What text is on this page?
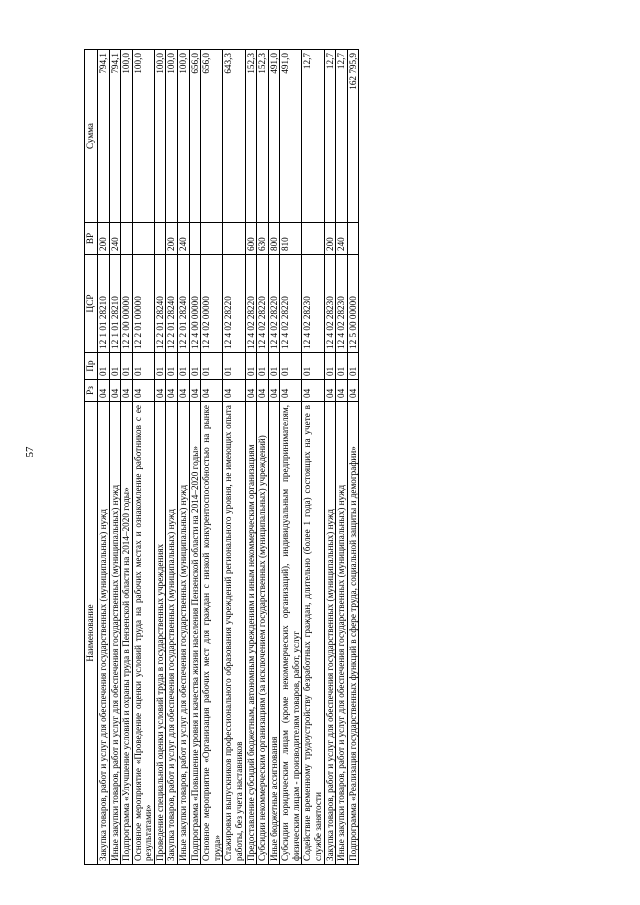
57
Наименование	Рз	Пр	ЦСР	ВР	Сумма
Закупка товаров, работ и услуг для обеспечения государственных (муниципальных) нужд	04	01	12 1 01 28210	200	794,1
Иные закупки товаров, работ и услуг для обеспечения государственных (муниципальных) нужд	04	01	12 1 01 28210	240	794,1
Подпрограмма «Улучшение условий и охраны труда в Пензенской области на 2014–2020 годы»	04	01	12 2 00 00000		100,0
Основное мероприятие «Проведение оценки условий труда на рабочих местах и ознакомление работников с ее результатами»	04	01	12 2 01 00000		100,0
Проведение специальной оценки условий труда в государственных учреждениях	04	01	12 2 01 28240		100,0
Закупка товаров, работ и услуг для обеспечения государственных (муниципальных) нужд	04	01	12 2 01 28240	200	100,0
Иные закупки товаров, работ и услуг для обеспечения государственных (муниципальных) нужд	04	01	12 2 01 28240	240	100,0
Подпрограмма «Повышение уровня и качества жизни населения Пензенской области на 2014–2020 годы»	04	01	12 4 00 00000		656,0
Основное мероприятие «Организация рабочих мест для граждан с низкой конкурентоспособностью на рынке труда»	04	01	12 4 02 00000		656,0
Стажировки выпускников профессионального образования учреждений регионального уровня, не имеющих опыта работы, без учета наставников	04	01	12 4 02 28220		643,3
Предоставление субсидий бюджетным, автономным учреждениям и иным некоммерческим организациям	04	01	12 4 02 28220	600	152,3
Субсидии некоммерческим организациям (за исключением государственных (муниципальных) учреждений)	04	01	12 4 02 28220	630	152,3
Иные бюджетные ассигнования	04	01	12 4 02 28220	800	491,0
Субсидии юридическим лицам (кроме некоммерческих организаций), индивидуальным предпринимателям, физическим лицам - производителям товаров, работ, услуг	04	01	12 4 02 28220	810	491,0
Содействие временному трудоустройству безработных граждан, длительно (более 1 года) состоящих на учете в службе занятости	04	01	12 4 02 28230		12,7
Закупка товаров, работ и услуг для обеспечения государственных (муниципальных) нужд	04	01	12 4 02 28230	200	12,7
Иные закупки товаров, работ и услуг для обеспечения государственных (муниципальных) нужд	04	01	12 4 02 28230	240	12,7
Подпрограмма «Реализация государственных функций в сфере труда, социальной защиты и демографии»	04	01	12 5 00 00000		162 795,9
